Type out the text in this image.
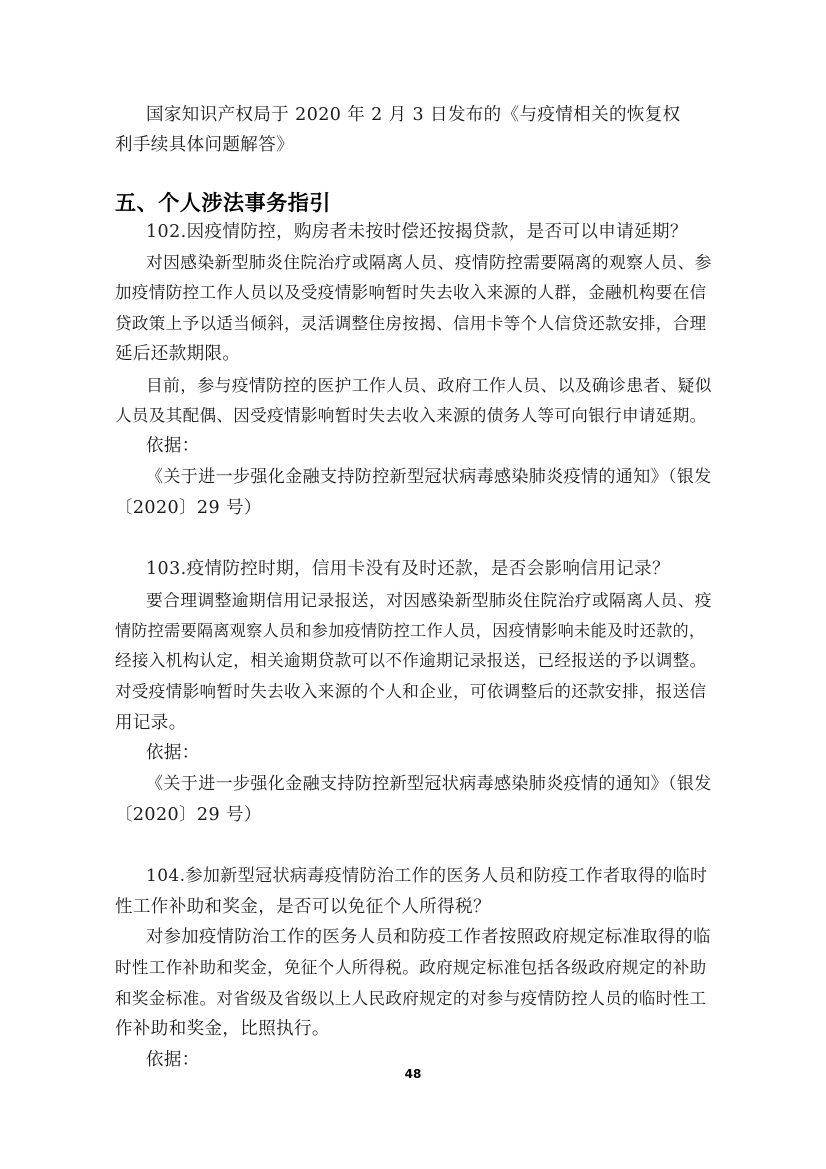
国家知识产权局于 2020 年 2 月 3 日发布的《与疫情相关的恢复权
利手续具体问题解答》
五、个人涉法事务指引
102.因疫情防控，购房者未按时偿还按揭贷款，是否可以申请延期？
对因感染新型肺炎住院治疗或隔离人员、疫情防控需要隔离的观察人员、参
加疫情防控工作人员以及受疫情影响暂时失去收入来源的人群，金融机构要在信
贷政策上予以适当倾斜，灵活调整住房按揭、信用卡等个人信贷还款安排，合理
延后还款期限。
目前，参与疫情防控的医护工作人员、政府工作人员、以及确诊患者、疑似
人员及其配偶、因受疫情影响暂时失去收入来源的债务人等可向银行申请延期。
依据：
《关于进一步强化金融支持防控新型冠状病毒感染肺炎疫情的通知》（银发
〔2020〕29 号）
103.疫情防控时期，信用卡没有及时还款，是否会影响信用记录？
要合理调整逾期信用记录报送，对因感染新型肺炎住院治疗或隔离人员、疫
情防控需要隔离观察人员和参加疫情防控工作人员，因疫情影响未能及时还款的，
经接入机构认定，相关逾期贷款可以不作逾期记录报送，已经报送的予以调整。
对受疫情影响暂时失去收入来源的个人和企业，可依调整后的还款安排，报送信
用记录。
依据：
《关于进一步强化金融支持防控新型冠状病毒感染肺炎疫情的通知》（银发
〔2020〕29 号）
104.参加新型冠状病毒疫情防治工作的医务人员和防疫工作者取得的临时
性工作补助和奖金，是否可以免征个人所得税？
对参加疫情防治工作的医务人员和防疫工作者按照政府规定标准取得的临
时性工作补助和奖金，免征个人所得税。政府规定标准包括各级政府规定的补助
和奖金标准。对省级及省级以上人民政府规定的对参与疫情防控人员的临时性工
作补助和奖金，比照执行。
依据：
48
